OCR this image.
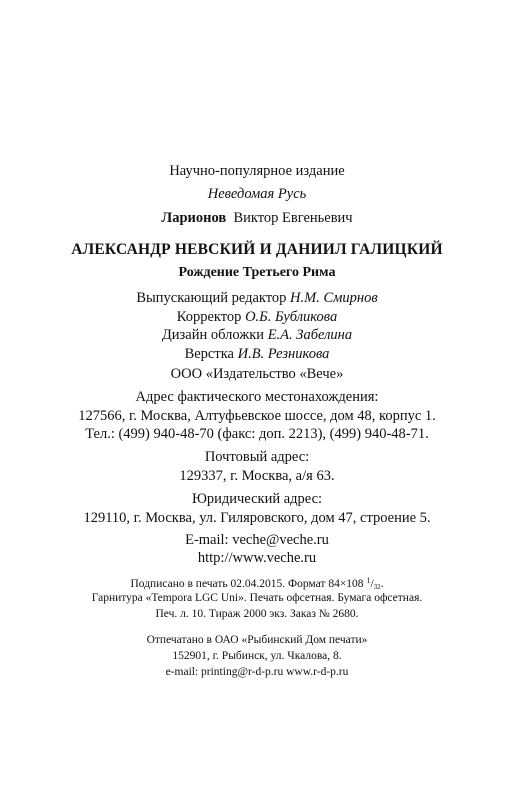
Научно-популярное издание
Неведомая Русь
Ларионов Виктор Евгеньевич
АЛЕКСАНДР НЕВСКИЙ И ДАНИИЛ ГАЛИЦКИЙ
Рождение Третьего Рима
Выпускающий редактор Н.М. Смирнов
Корректор О.Б. Бубликова
Дизайн обложки Е.А. Забелина
Верстка И.В. Резникова
ООО «Издательство «Вече»
Адрес фактического местонахождения:
127566, г. Москва, Алтуфьевское шоссе, дом 48, корпус 1.
Тел.: (499) 940-48-70 (факс: доп. 2213), (499) 940-48-71.
Почтовый адрес:
129337, г. Москва, а/я 63.
Юридический адрес:
129110, г. Москва, ул. Гиляровского, дом 47, строение 5.
E-mail: veche@veche.ru
http://www.veche.ru
Подписано в печать 02.04.2015. Формат 84×108 $^1/_{32}$.
Гарнитура «Tempora LGC Uni». Печать офсетная. Бумага офсетная.
Печ. л. 10. Тираж 2000 экз. Заказ № 2680.
Отпечатано в ОАО «Рыбинский Дом печати»
152901, г. Рыбинск, ул. Чкалова, 8.
e-mail: printing@r-d-p.ru www.r-d-p.ru
